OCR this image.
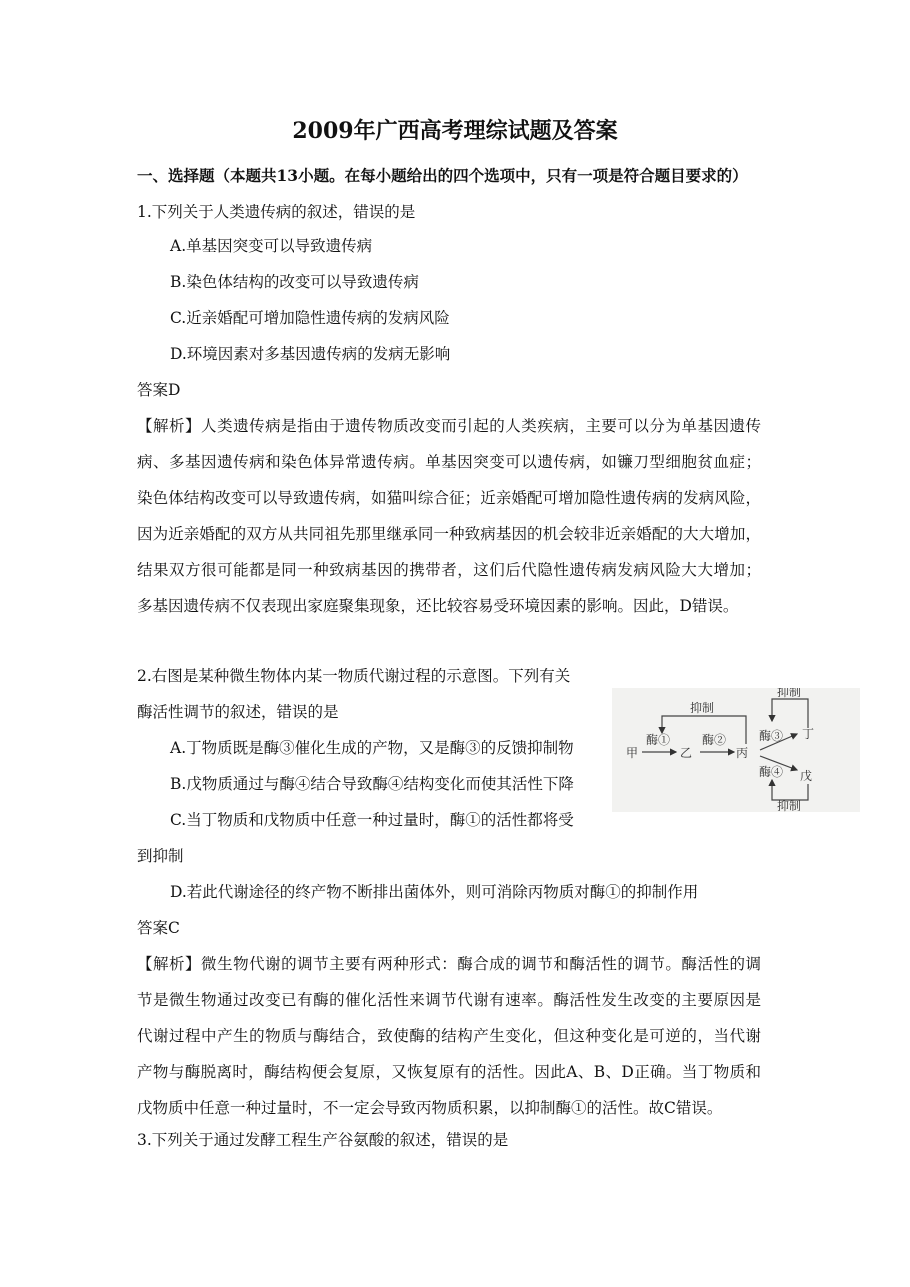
2009年广西高考理综试题及答案
一、选择题（本题共13小题。在每小题给出的四个选项中，只有一项是符合题目要求的）
1.下列关于人类遗传病的叙述，错误的是
A.单基因突变可以导致遗传病
B.染色体结构的改变可以导致遗传病
C.近亲婚配可增加隐性遗传病的发病风险
D.环境因素对多基因遗传病的发病无影响
答案D
【解析】人类遗传病是指由于遗传物质改变而引起的人类疾病，主要可以分为单基因遗传
病、多基因遗传病和染色体异常遗传病。单基因突变可以遗传病，如镰刀型细胞贫血症；
染色体结构改变可以导致遗传病，如猫叫综合征；近亲婚配可增加隐性遗传病的发病风险，
因为近亲婚配的双方从共同祖先那里继承同一种致病基因的机会较非近亲婚配的大大增加，
结果双方很可能都是同一种致病基因的携带者，这们后代隐性遗传病发病风险大大增加；
多基因遗传病不仅表现出家庭聚集现象，还比较容易受环境因素的影响。因此，D错误。
2.右图是某种微生物体内某一物质代谢过程的示意图。下列有关
酶活性调节的叙述，错误的是
A.丁物质既是酶③催化生成的产物，又是酶③的反馈抑制物
B.戊物质通过与酶④结合导致酶④结构变化而使其活性下降
C.当丁物质和戊物质中任意一种过量时，酶①的活性都将受
到抑制
D.若此代谢途径的终产物不断排出菌体外，则可消除丙物质对酶①的抑制作用
答案C
【解析】微生物代谢的调节主要有两种形式：酶合成的调节和酶活性的调节。酶活性的调
节是微生物通过改变已有酶的催化活性来调节代谢有速率。酶活性发生改变的主要原因是
代谢过程中产生的物质与酶结合，致使酶的结构产生变化，但这种变化是可逆的，当代谢
产物与酶脱离时，酶结构便会复原，又恢复原有的活性。因此A、B、D正确。当丁物质和
戊物质中任意一种过量时，不一定会导致丙物质积累，以抑制酶①的活性。故C错误。
3.下列关于通过发酵工程生产谷氨酸的叙述，错误的是
甲	乙	丙
丁
戊
酶①	酶②	酶③
酶④
抑制
抑制
抑制
